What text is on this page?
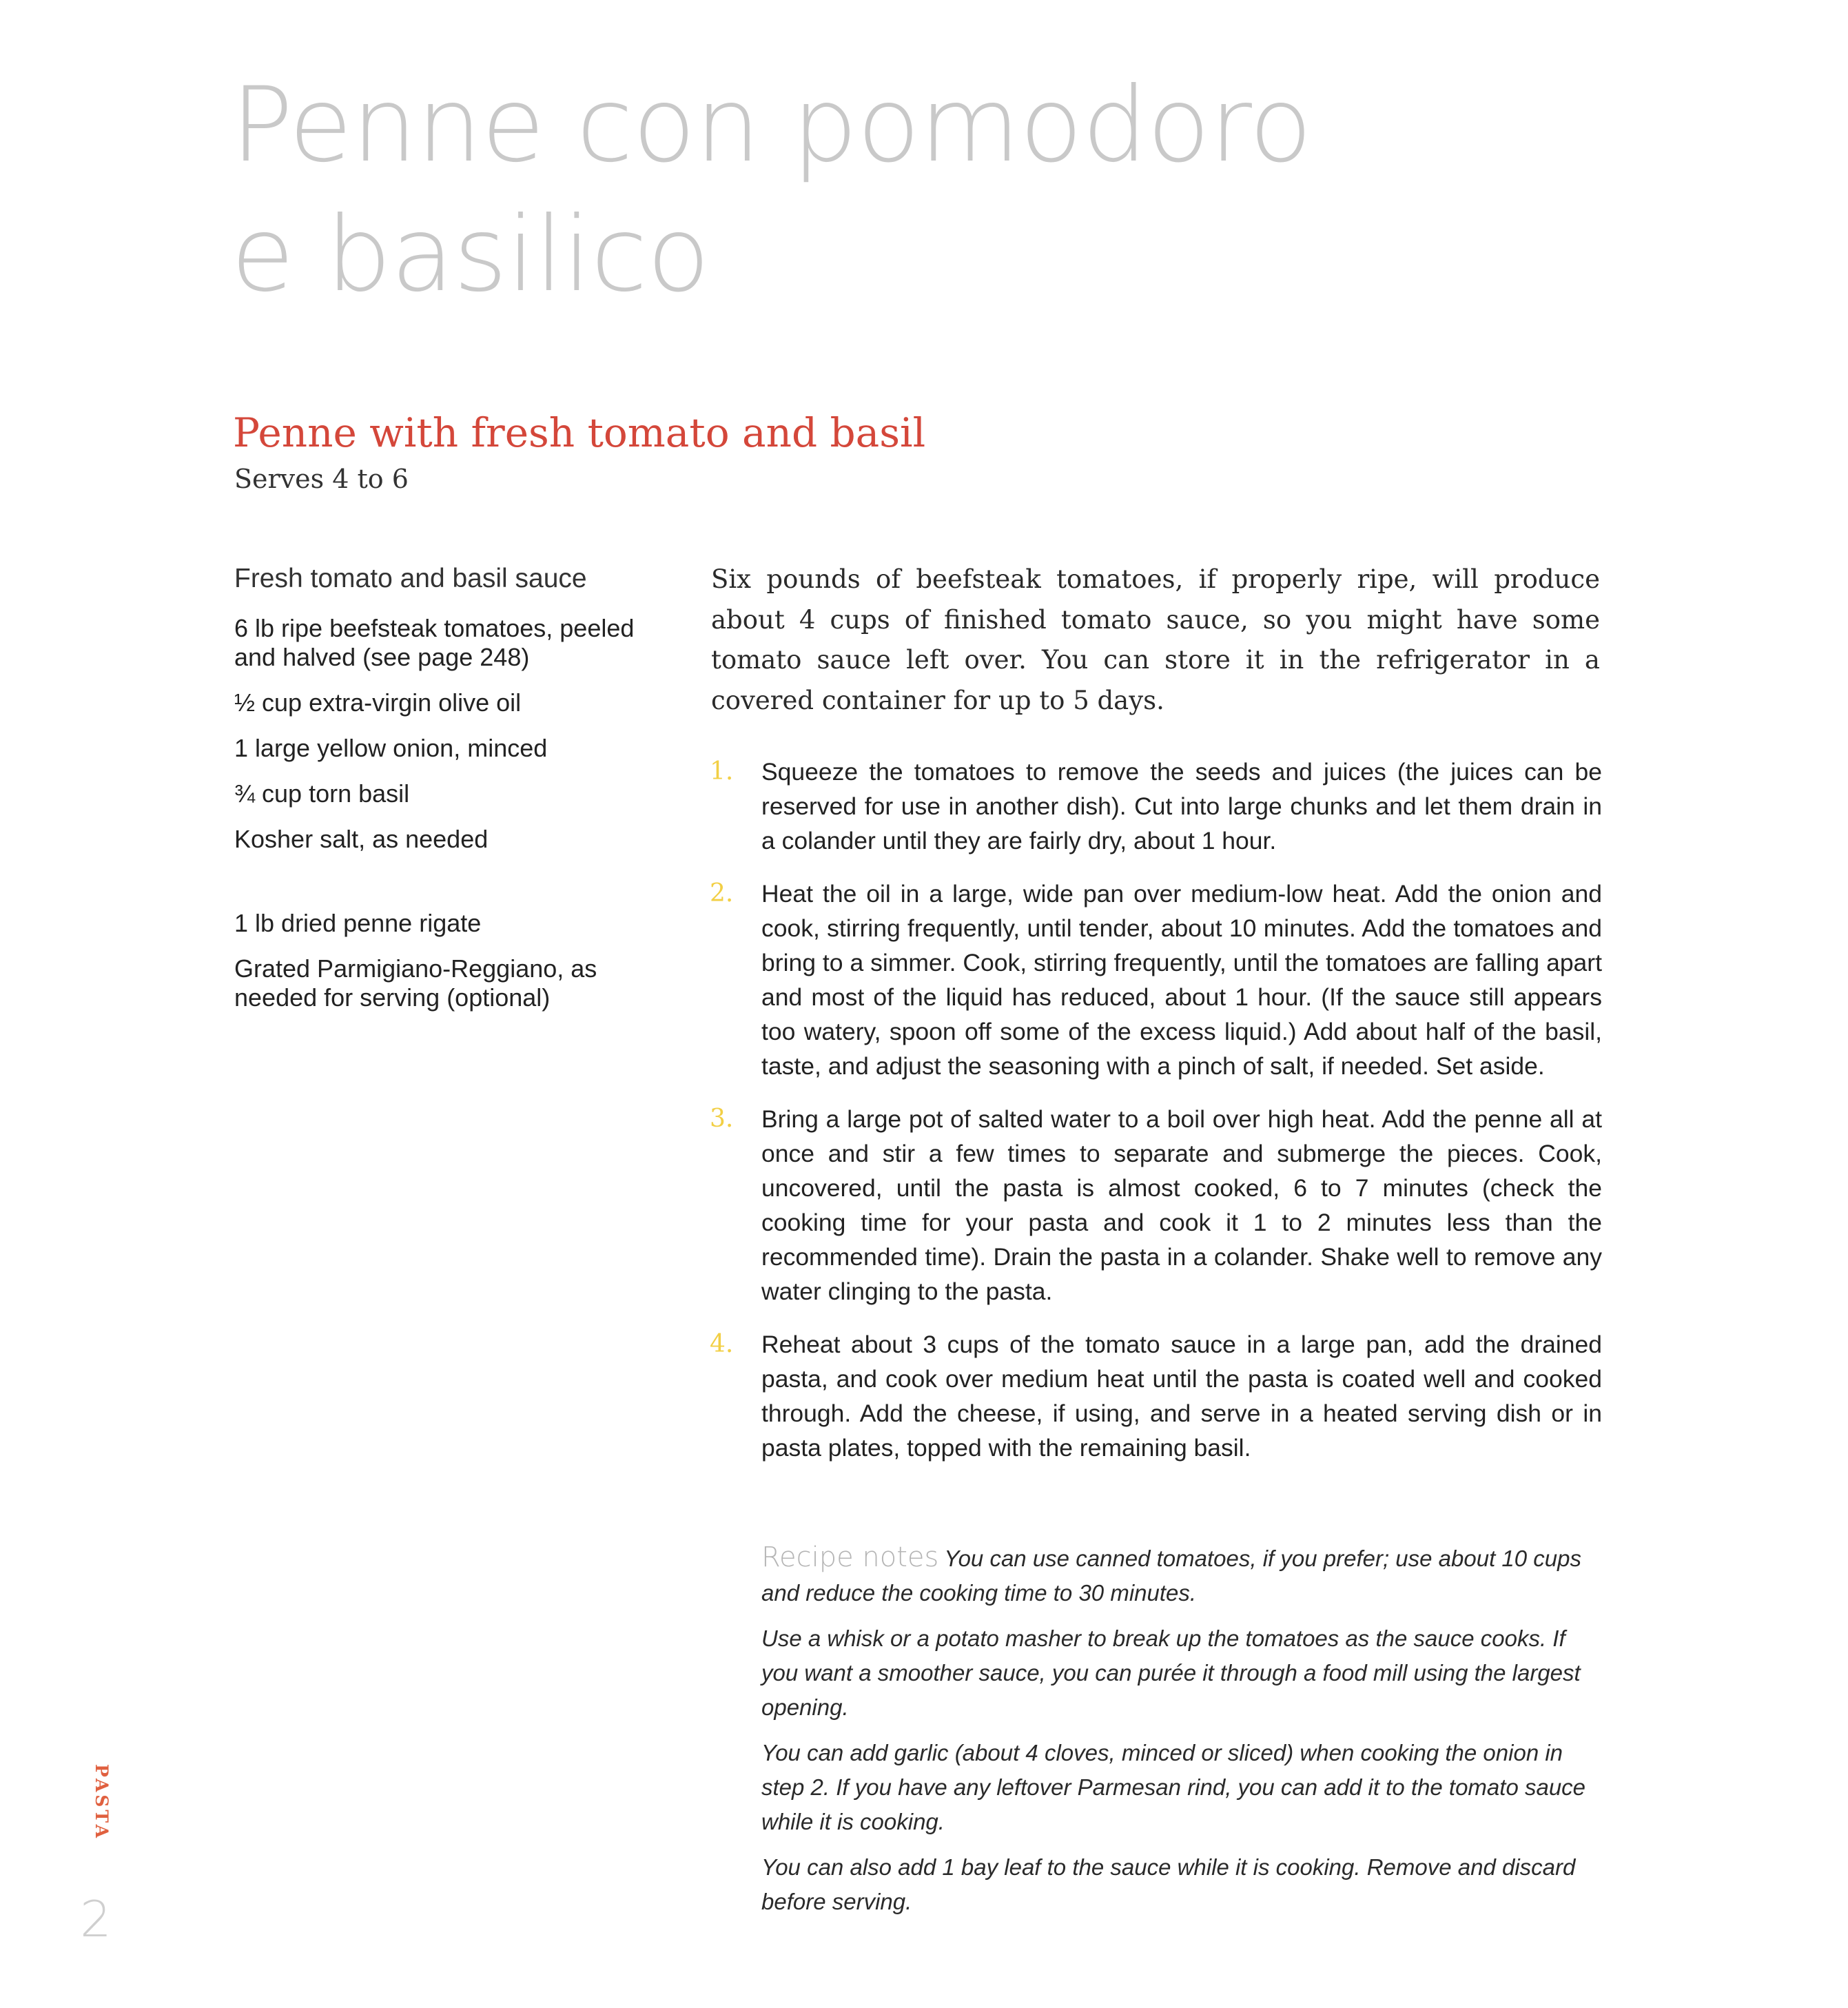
Penne con pomodoro
e basilico
Penne with fresh tomato and basil
Serves 4 to 6
Fresh tomato and basil sauce
6 lb ripe beefsteak tomatoes, peeled and halved (see page 248)
½ cup extra-virgin olive oil
1 large yellow onion, minced
¾ cup torn basil
Kosher salt, as needed
1 lb dried penne rigate
Grated Parmigiano-Reggiano, as needed for serving (optional)

Six pounds of beefsteak tomatoes, if properly ripe, will produce about 4 cups of finished tomato sauce, so you might have some tomato sauce left over. You can store it in the refrigerator in a covered container for up to 5 days.

1.	Squeeze the tomatoes to remove the seeds and juices (the juices can be reserved for use in another dish). Cut into large chunks and let them drain in a colander until they are fairly dry, about 1 hour.
2.	Heat the oil in a large, wide pan over medium-low heat. Add the onion and cook, stirring frequently, until tender, about 10 minutes. Add the tomatoes and bring to a simmer. Cook, stirring frequently, until the tomatoes are falling apart and most of the liquid has reduced, about 1 hour. (If the sauce still appears too watery, spoon off some of the excess liquid.) Add about half of the basil, taste, and adjust the seasoning with a pinch of salt, if needed. Set aside.
3.	Bring a large pot of salted water to a boil over high heat. Add the penne all at once and stir a few times to separate and submerge the pieces. Cook, uncovered, until the pasta is almost cooked, 6 to 7 minutes (check the cooking time for your pasta and cook it 1 to 2 minutes less than the recommended time). Drain the pasta in a colander. Shake well to remove any water clinging to the pasta.
4.	Reheat about 3 cups of the tomato sauce in a large pan, add the drained pasta, and cook over medium heat until the pasta is coated well and cooked through. Add the cheese, if using, and serve in a heated serving dish or in pasta plates, topped with the remaining basil.

Recipe notes You can use canned tomatoes, if you prefer; use about 10 cups and reduce the cooking time to 30 minutes.

Use a whisk or a potato masher to break up the tomatoes as the sauce cooks. If you want a smoother sauce, you can purée it through a food mill using the largest opening.

You can add garlic (about 4 cloves, minced or sliced) when cooking the onion in step 2. If you have any leftover Parmesan rind, you can add it to the tomato sauce while it is cooking.

You can also add 1 bay leaf to the sauce while it is cooking. Remove and discard before serving.

PASTA
2
